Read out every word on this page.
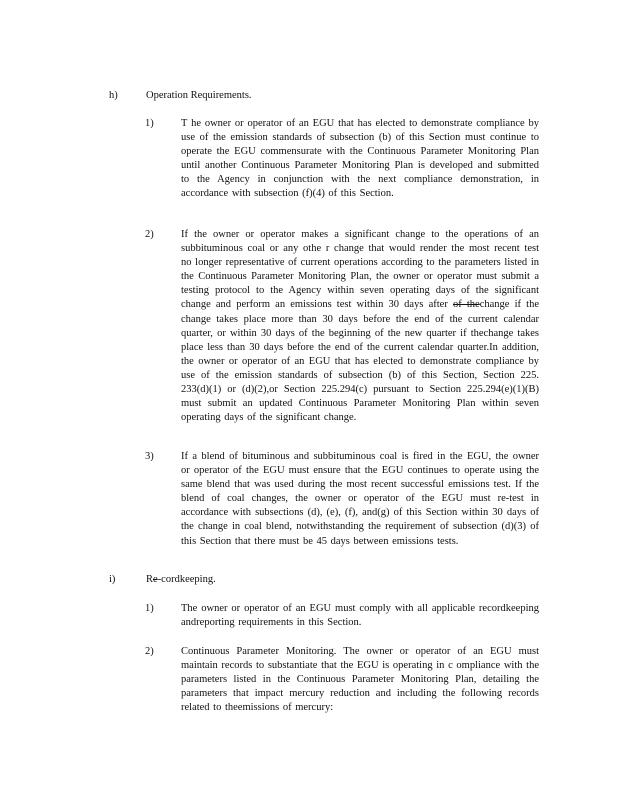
h)	Operation Requirements.
1)	T he owner or operator of an EGU that has elected to demonstrate compliance by use of the emission standards of subsection (b) of this Section must continue to operate the EGU commensurate with the Continuous Parameter Monitoring Plan until another Continuous Parameter Monitoring Plan is developed and submitted to the Agency in conjunction with the next compliance demonstration, in accordance with subsection (f)(4) of this Section.
2)	If the owner or operator makes a significant change to the operations of an subbituminous coal or any othe r change that would render the most recent test no longer representative of current operations according to the parameters listed in the Continuous Parameter Monitoring Plan, the owner or operator must submit a testing protocol to the Agency within seven operating days of the significant change and perform an emissions test within 30 days after of thechange if the change takes place more than 30 days before the end of the current calendar quarter, or within 30 days of the beginning of the new quarter if thechange takes place less than 30 days before the end of the current calendar quarter.In addition, the owner or operator of an EGU that has elected to demonstrate compliance by use of the emission standards of subsection (b) of this Section, Section 225. 233(d)(1) or (d)(2),or Section 225.294(c) pursuant to Section 225.294(e)(1)(B) must submit an updated Continuous Parameter Monitoring Plan within seven operating days of the significant change.
3)	If a blend of bituminous and subbituminous coal is fired in the EGU, the owner or operator of the EGU must ensure that the EGU continues to operate using the same blend that was used during the most recent successful emissions test. If the blend of coal changes, the owner or operator of the EGU must re-test in accordance with subsections (d), (e), (f), and(g) of this Section within 30 days of the change in coal blend, notwithstanding the requirement of subsection (d)(3) of this Section that there must be 45 days between emissions tests.
i)	Re-cordkeeping.
1)	The owner or operator of an EGU must comply with all applicable recordkeeping andreporting requirements in this Section.
2)	Continuous Parameter Monitoring. The owner or operator of an EGU must maintain records to substantiate that the EGU is operating in c ompliance with the parameters listed in the Continuous Parameter Monitoring Plan, detailing the parameters that impact mercury reduction and including the following records related to theemissions of mercury:
